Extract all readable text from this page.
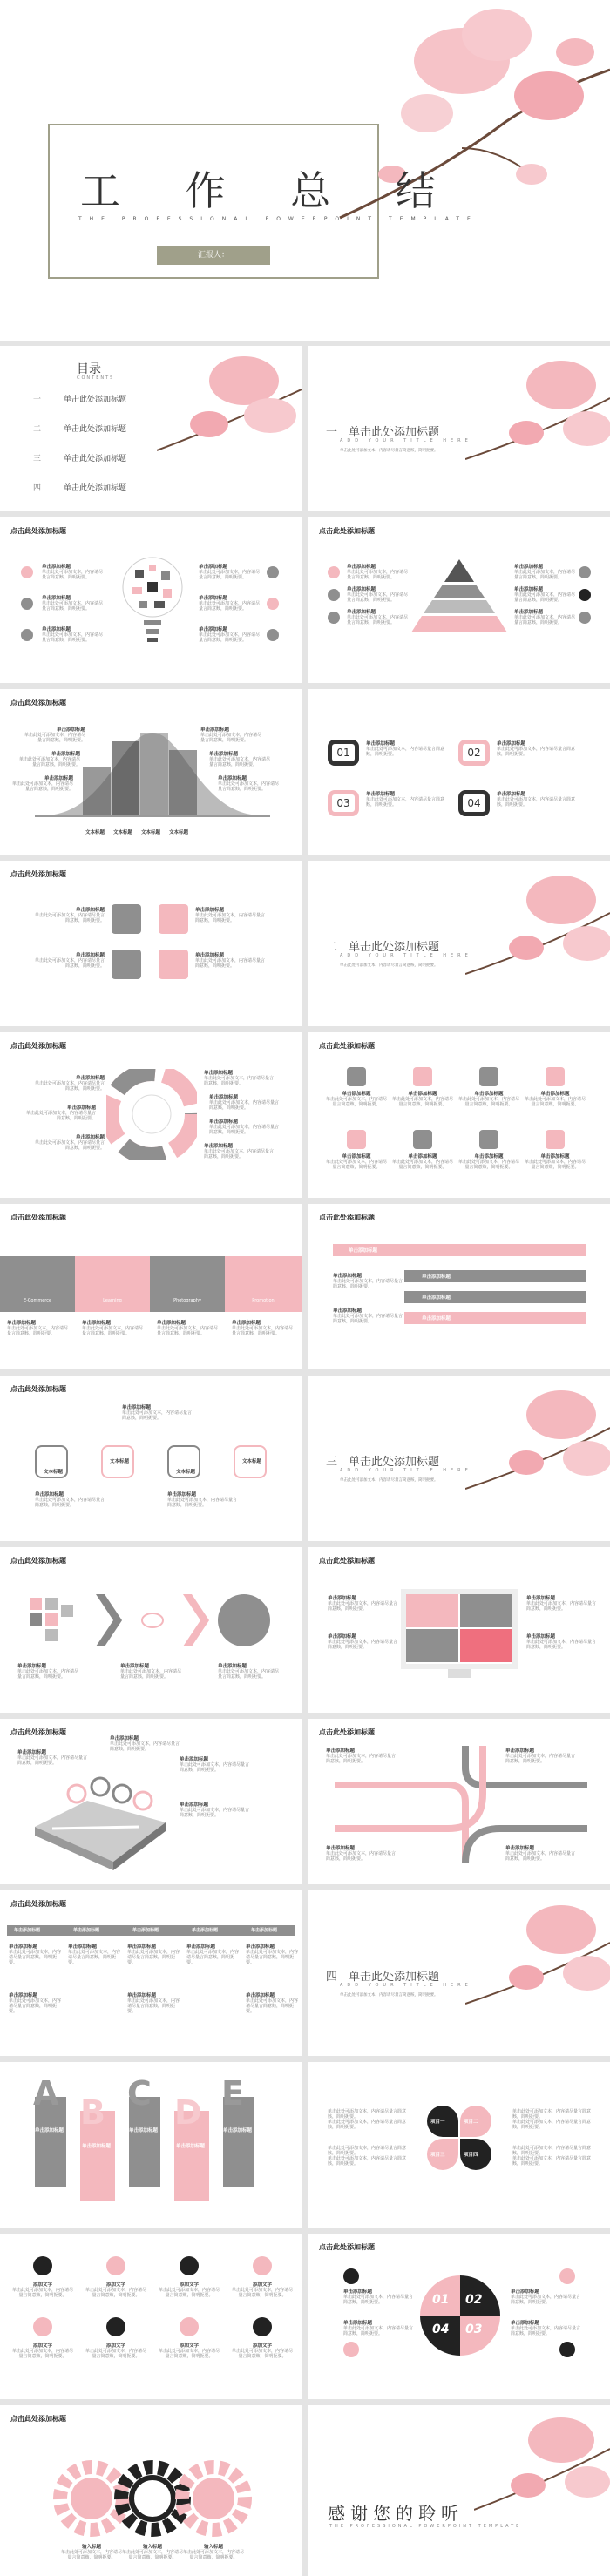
工 作 总 结
THE PROFESSIONAL POWERPOINT TEMPLATE
汇报人：
目录
CONTENTS
一	单击此处添加标题
二	单击此处添加标题
三	单击此处添加标题
四	单击此处添加标题
一　 单击此处添加标题
ADD YOUR TITLE HERE
单击此处可添加文本，内容请尽量言简意赅，简明扼要。
点击此处添加标题
单击添加标题
单击此处可添加文本，内容请尽量言简意赅，简明扼要。
单击添加标题
单击此处可添加文本，内容请尽量言简意赅，简明扼要。
单击添加标题
单击此处可添加文本，内容请尽量言简意赅，简明扼要。
单击添加标题
单击此处可添加文本，内容请尽量言简意赅，简明扼要。
单击添加标题
单击此处可添加文本，内容请尽量言简意赅，简明扼要。
单击添加标题
单击此处可添加文本，内容请尽量言简意赅，简明扼要。
点击此处添加标题
单击添加标题
单击此处可添加文本，内容请尽量言简意赅，简明扼要。
单击添加标题
单击此处可添加文本，内容请尽量言简意赅，简明扼要。
单击添加标题
单击此处可添加文本，内容请尽量言简意赅，简明扼要。
单击添加标题
单击此处可添加文本，内容请尽量言简意赅，简明扼要。
单击添加标题
单击此处可添加文本，内容请尽量言简意赅，简明扼要。
单击添加标题
单击此处可添加文本，内容请尽量言简意赅，简明扼要。
点击此处添加标题
单击添加标题
单击此处可添加文本，内容请尽量言简意赅，简明扼要。
单击添加标题
单击此处可添加文本，内容请尽量言简意赅，简明扼要。
单击添加标题
单击此处可添加文本，内容请尽量言简意赅，简明扼要。
单击添加标题
单击此处可添加文本，内容请尽量言简意赅，简明扼要。
单击添加标题
单击此处可添加文本，内容请尽量言简意赅，简明扼要。
单击添加标题
单击此处可添加文本，内容请尽量言简意赅，简明扼要。
文本标题 文本标题 文本标题 文本标题
01	02
03	04
单击添加标题
单击此处可添加文本，内容请尽量言简意赅，简明扼要。
单击添加标题
单击此处可添加文本，内容请尽量言简意赅，简明扼要。
单击添加标题
单击此处可添加文本，内容请尽量言简意赅，简明扼要。
单击添加标题
单击此处可添加文本，内容请尽量言简意赅，简明扼要。
点击此处添加标题
单击添加标题
单击此处可添加文本，内容请尽量言简意赅，简明扼要。
单击添加标题
单击此处可添加文本，内容请尽量言简意赅，简明扼要。
单击添加标题
单击此处可添加文本，内容请尽量言简意赅，简明扼要。
单击添加标题
单击此处可添加文本，内容请尽量言简意赅，简明扼要。
二　 单击此处添加标题
ADD YOUR TITLE HERE
单击此处可添加文本，内容请尽量言简意赅，简明扼要。
点击此处添加标题
单击添加标题
单击此处可添加文本，内容请尽量言简意赅，简明扼要。
单击添加标题
单击此处可添加文本，内容请尽量言简意赅，简明扼要。
单击添加标题
单击此处可添加文本，内容请尽量言简意赅，简明扼要。
单击添加标题
单击此处可添加文本，内容请尽量言简意赅，简明扼要。
单击添加标题
单击此处可添加文本，内容请尽量言简意赅，简明扼要。
单击添加标题
单击此处可添加文本，内容请尽量言简意赅，简明扼要。
单击添加标题
单击此处可添加文本，内容请尽量言简意赅，简明扼要。
点击此处添加标题
单击添加标题
单击此处可添加文本，内容请尽量言简意赅，简明扼要。
单击添加标题
单击此处可添加文本，内容请尽量言简意赅，简明扼要。
单击添加标题
单击此处可添加文本，内容请尽量言简意赅，简明扼要。
单击添加标题
单击此处可添加文本，内容请尽量言简意赅，简明扼要。
单击添加标题
单击此处可添加文本，内容请尽量言简意赅，简明扼要。
单击添加标题
单击此处可添加文本，内容请尽量言简意赅，简明扼要。
单击添加标题
单击此处可添加文本，内容请尽量言简意赅，简明扼要。
单击添加标题
单击此处可添加文本，内容请尽量言简意赅，简明扼要。
点击此处添加标题
E-Commerce	Learning	Photography	Promotion
单击添加标题
单击此处可添加文本，内容请尽量言简意赅，简明扼要。
单击添加标题
单击此处可添加文本，内容请尽量言简意赅，简明扼要。
单击添加标题
单击此处可添加文本，内容请尽量言简意赅，简明扼要。
单击添加标题
单击此处可添加文本，内容请尽量言简意赅，简明扼要。
点击此处添加标题
单击添加标题
单击添加标题
单击添加标题
单击添加标题
单击添加标题
单击此处可添加文本，内容请尽量言简意赅，简明扼要。
单击添加标题
单击此处可添加文本，内容请尽量言简意赅，简明扼要。
点击此处添加标题
文本标题
文本标题
文本标题
文本标题
单击添加标题
单击此处可添加文本，内容请尽量言简意赅，简明扼要。
单击添加标题
单击此处可添加文本，内容请尽量言简意赅，简明扼要。
单击添加标题
单击此处可添加文本，内容请尽量言简意赅，简明扼要。
三　 单击此处添加标题
ADD YOUR TITLE HERE
单击此处可添加文本，内容请尽量言简意赅，简明扼要。
点击此处添加标题
单击添加标题
单击此处可添加文本，内容请尽量言简意赅，简明扼要。
单击添加标题
单击此处可添加文本，内容请尽量言简意赅，简明扼要。
单击添加标题
单击此处可添加文本，内容请尽量言简意赅，简明扼要。
点击此处添加标题
单击添加标题
单击此处可添加文本，内容请尽量言简意赅，简明扼要。
单击添加标题
单击此处可添加文本，内容请尽量言简意赅，简明扼要。
单击添加标题
单击此处可添加文本，内容请尽量言简意赅，简明扼要。
单击添加标题
单击此处可添加文本，内容请尽量言简意赅，简明扼要。
点击此处添加标题
单击添加标题
单击此处可添加文本，内容请尽量言简意赅，简明扼要。
单击添加标题
单击此处可添加文本，内容请尽量言简意赅，简明扼要。
单击添加标题
单击此处可添加文本，内容请尽量言简意赅，简明扼要。
单击添加标题
单击此处可添加文本，内容请尽量言简意赅，简明扼要。
点击此处添加标题
单击添加标题
单击此处可添加文本，内容请尽量言简意赅，简明扼要。
单击添加标题
单击此处可添加文本，内容请尽量言简意赅，简明扼要。
单击添加标题
单击此处可添加文本，内容请尽量言简意赅，简明扼要。
单击添加标题
单击此处可添加文本，内容请尽量言简意赅，简明扼要。
点击此处添加标题
单击添加标题	单击添加标题	单击添加标题	单击添加标题	单击添加标题
单击添加标题
单击此处可添加文本，内容请尽量言简意赅，简明扼要。
单击添加标题
单击此处可添加文本，内容请尽量言简意赅，简明扼要。
单击添加标题
单击此处可添加文本，内容请尽量言简意赅，简明扼要。
单击添加标题
单击此处可添加文本，内容请尽量言简意赅，简明扼要。
单击添加标题
单击此处可添加文本，内容请尽量言简意赅，简明扼要。
单击添加标题
单击此处可添加文本，内容请尽量言简意赅，简明扼要。
单击添加标题
单击此处可添加文本，内容请尽量言简意赅，简明扼要。
单击添加标题
单击此处可添加文本，内容请尽量言简意赅，简明扼要。
四　 单击此处添加标题
ADD YOUR TITLE HERE
单击此处可添加文本，内容请尽量言简意赅，简明扼要。
A B C D E
单击添加标题
单击添加标题
单击添加标题
单击添加标题
单击添加标题
项目一	项目二
项目三	项目四
单击此处可添加文本，内容请尽量言简意赅，简明扼要。
单击此处可添加文本，内容请尽量言简意赅，简明扼要。
单击此处可添加文本，内容请尽量言简意赅，简明扼要。
单击此处可添加文本，内容请尽量言简意赅，简明扼要。
单击此处可添加文本，内容请尽量言简意赅，简明扼要。
单击此处可添加文本，内容请尽量言简意赅，简明扼要。
单击此处可添加文本，内容请尽量言简意赅，简明扼要。
单击此处可添加文本，内容请尽量言简意赅，简明扼要。
添加文字
单击此处可添加文本，内容请尽量言简意赅，简明扼要。
添加文字
单击此处可添加文本，内容请尽量言简意赅，简明扼要。
添加文字
单击此处可添加文本，内容请尽量言简意赅，简明扼要。
添加文字
单击此处可添加文本，内容请尽量言简意赅，简明扼要。
添加文字
单击此处可添加文本，内容请尽量言简意赅，简明扼要。
添加文字
单击此处可添加文本，内容请尽量言简意赅，简明扼要。
添加文字
单击此处可添加文本，内容请尽量言简意赅，简明扼要。
添加文字
单击此处可添加文本，内容请尽量言简意赅，简明扼要。
点击此处添加标题
01 02
04 03
单击添加标题
单击此处可添加文本，内容请尽量言简意赅，简明扼要。
单击添加标题
单击此处可添加文本，内容请尽量言简意赅，简明扼要。
单击添加标题
单击此处可添加文本，内容请尽量言简意赅，简明扼要。
单击添加标题
单击此处可添加文本，内容请尽量言简意赅，简明扼要。
点击此处添加标题
输入标题
单击此处可添加文本，内容请尽量言简意赅，简明扼要。
输入标题
单击此处可添加文本，内容请尽量言简意赅，简明扼要。
输入标题
单击此处可添加文本，内容请尽量言简意赅，简明扼要。
感谢您的聆听
THE PROFESSIONAL POWERPOINT TEMPLATE
